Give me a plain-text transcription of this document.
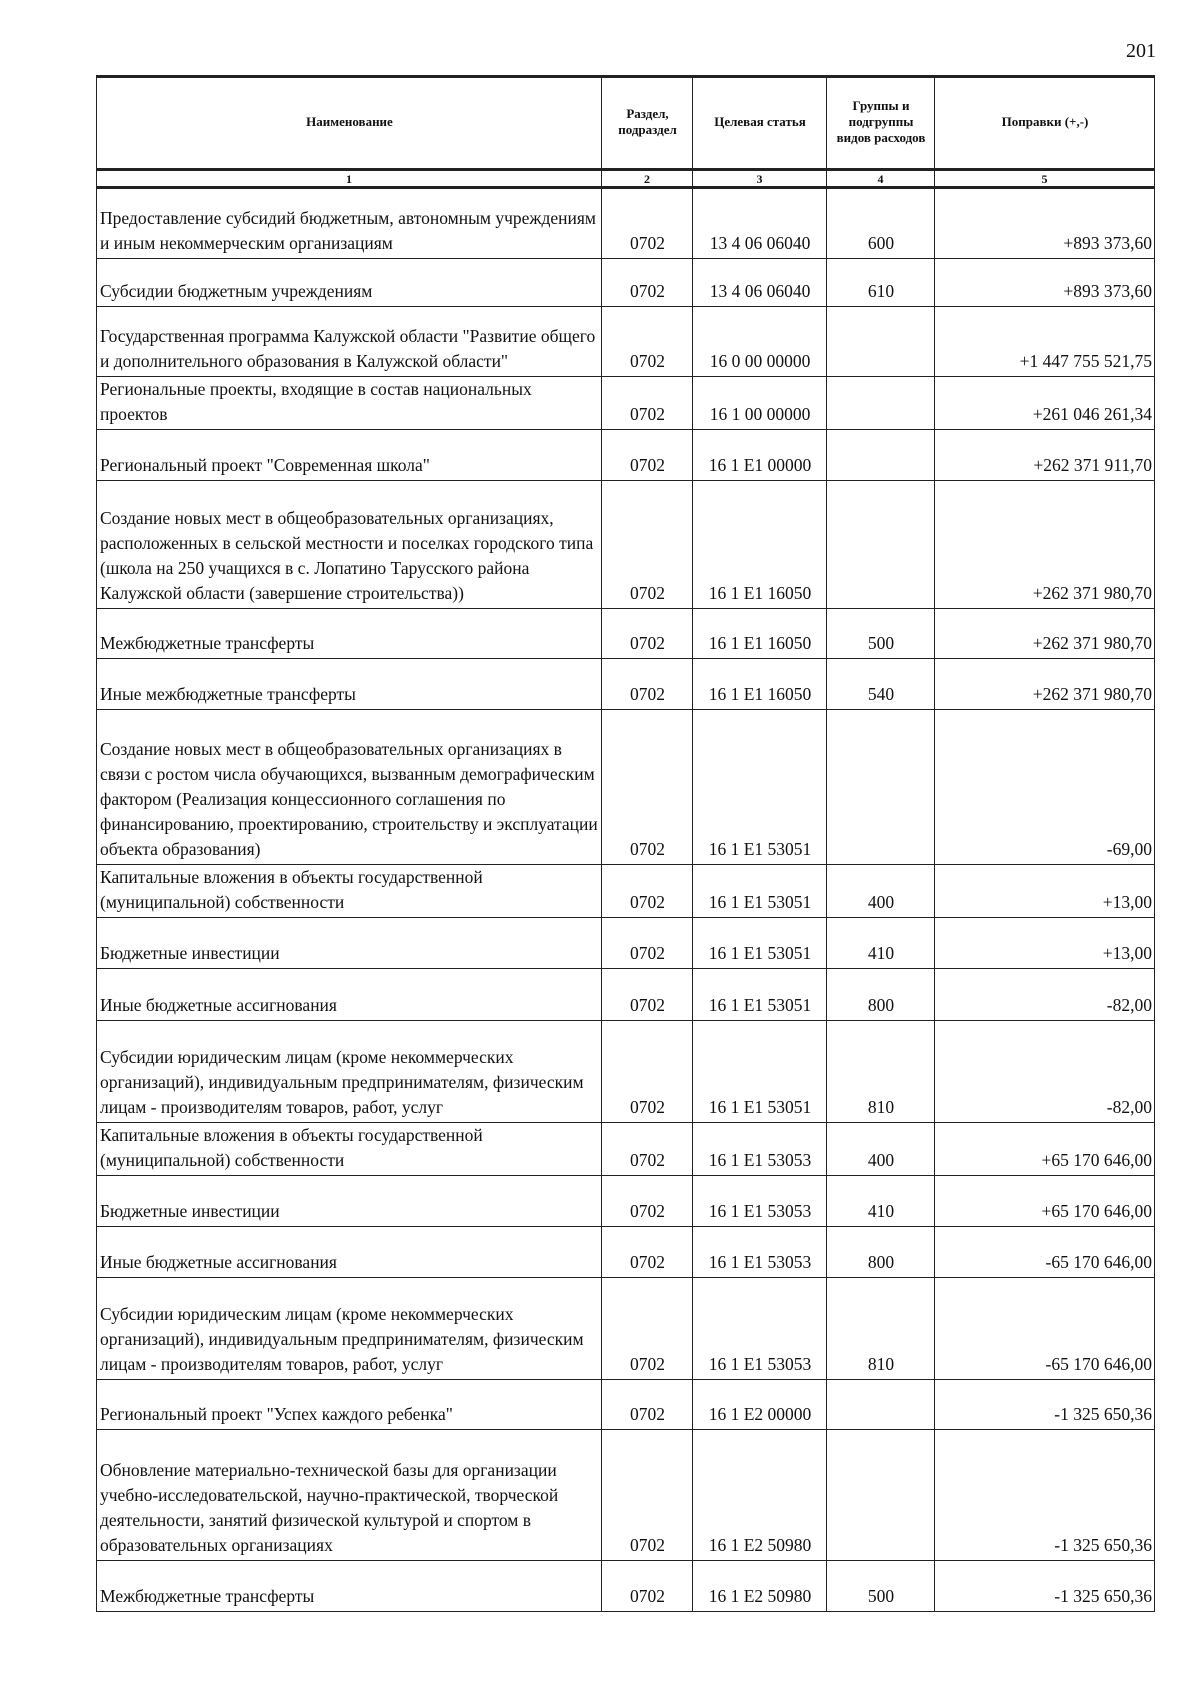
201
Наименование	Раздел, подраздел	Целевая статья	Группы и подгруппы видов расходов	Поправки (+,-)
1	2	3	4	5
Предоставление субсидий бюджетным, автономным учреждениям и иным некоммерческим организациям	0702	13 4 06 06040	600	+893 373,60
Субсидии бюджетным учреждениям	0702	13 4 06 06040	610	+893 373,60
Государственная программа Калужской области "Развитие общего и дополнительного образования в Калужской области"	0702	16 0 00 00000		+1 447 755 521,75
Региональные проекты, входящие в состав национальных проектов	0702	16 1 00 00000		+261 046 261,34
Региональный проект "Современная школа"	0702	16 1 E1 00000		+262 371 911,70
Создание новых мест в общеобразовательных организациях, расположенных в сельской местности и поселках городского типа (школа на 250 учащихся в с. Лопатино Тарусского района Калужской области (завершение строительства))	0702	16 1 E1 16050		+262 371 980,70
Межбюджетные трансферты	0702	16 1 E1 16050	500	+262 371 980,70
Иные межбюджетные трансферты	0702	16 1 E1 16050	540	+262 371 980,70
Создание новых мест в общеобразовательных организациях в связи с ростом числа обучающихся, вызванным демографическим фактором (Реализация концессионного соглашения по финансированию, проектированию, строительству и эксплуатации объекта образования)	0702	16 1 E1 53051		-69,00
Капитальные вложения в объекты государственной (муниципальной) собственности	0702	16 1 E1 53051	400	+13,00
Бюджетные инвестиции	0702	16 1 E1 53051	410	+13,00
Иные бюджетные ассигнования	0702	16 1 E1 53051	800	-82,00
Субсидии юридическим лицам (кроме некоммерческих организаций), индивидуальным предпринимателям, физическим лицам - производителям товаров, работ, услуг	0702	16 1 E1 53051	810	-82,00
Капитальные вложения в объекты государственной (муниципальной) собственности	0702	16 1 E1 53053	400	+65 170 646,00
Бюджетные инвестиции	0702	16 1 E1 53053	410	+65 170 646,00
Иные бюджетные ассигнования	0702	16 1 E1 53053	800	-65 170 646,00
Субсидии юридическим лицам (кроме некоммерческих организаций), индивидуальным предпринимателям, физическим лицам - производителям товаров, работ, услуг	0702	16 1 E1 53053	810	-65 170 646,00
Региональный проект "Успех каждого ребенка"	0702	16 1 E2 00000		-1 325 650,36
Обновление материально-технической базы для организации учебно-исследовательской, научно-практической, творческой деятельности, занятий физической культурой и спортом в образовательных организациях	0702	16 1 E2 50980		-1 325 650,36
Межбюджетные трансферты	0702	16 1 E2 50980	500	-1 325 650,36
